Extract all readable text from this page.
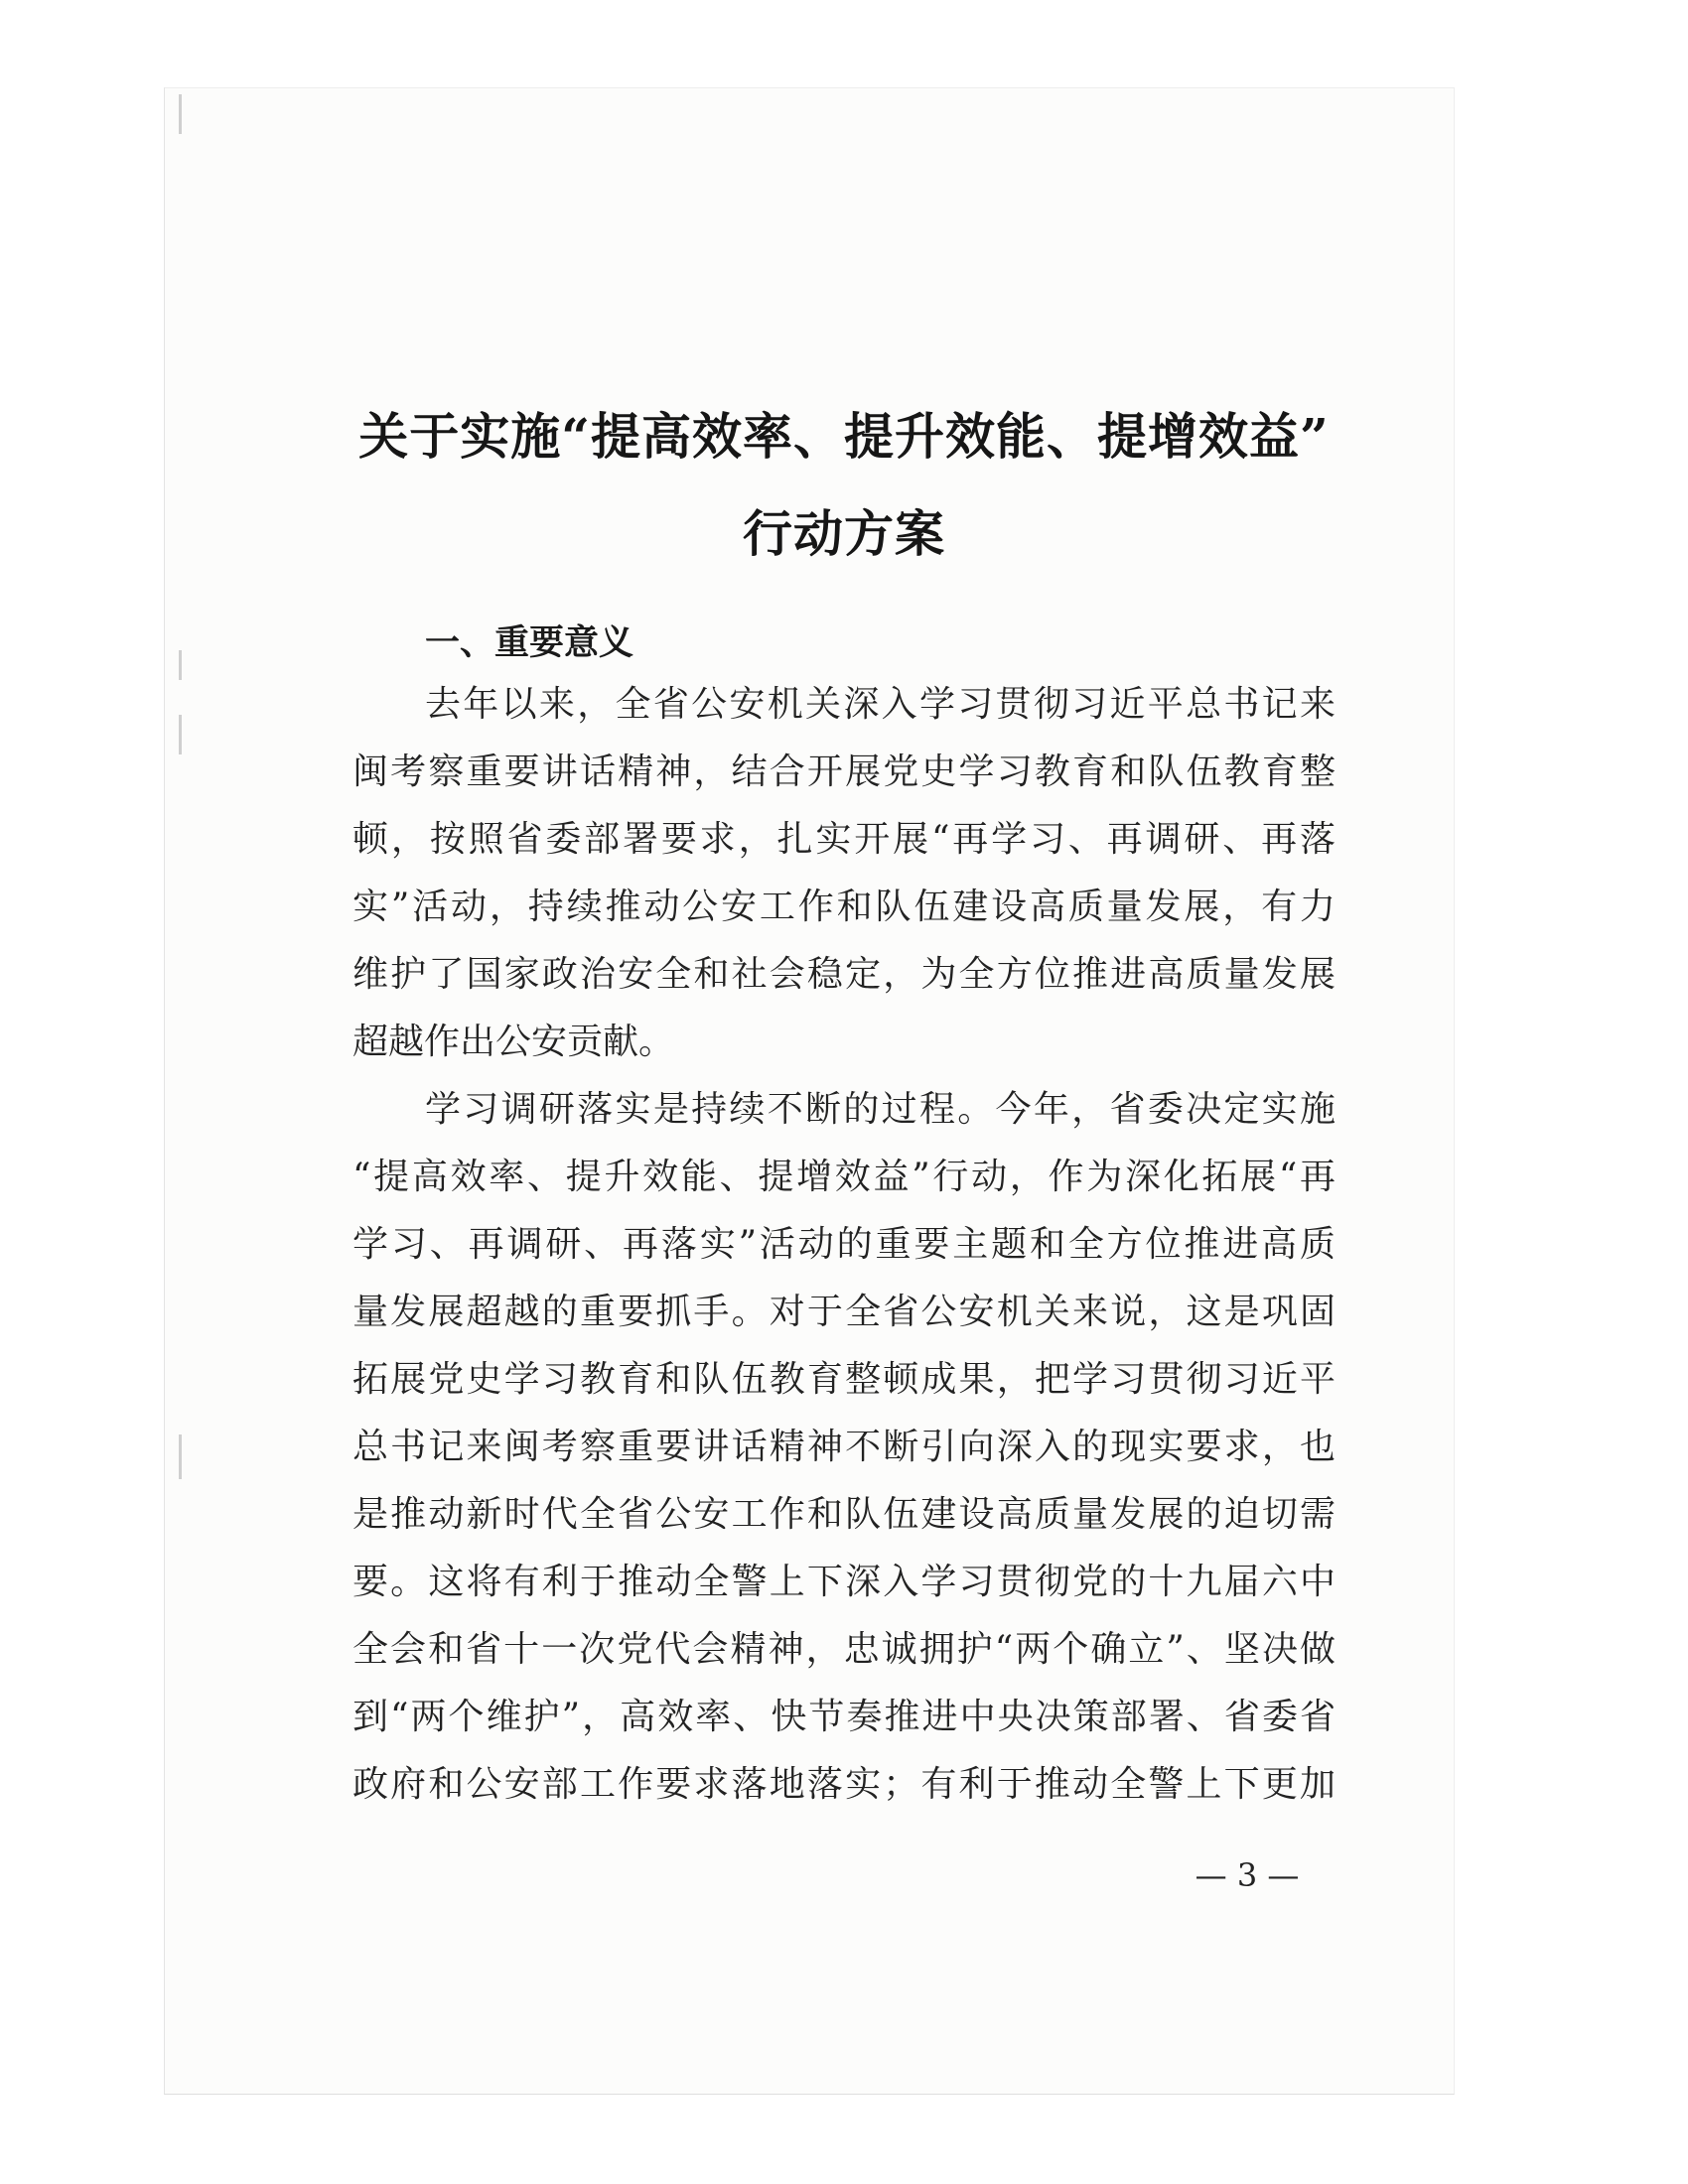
关于实施“提高效率、提升效能、提增效益”
行动方案
一、重要意义
去年以来，全省公安机关深入学习贯彻习近平总书记来
闽考察重要讲话精神，结合开展党史学习教育和队伍教育整
顿，按照省委部署要求，扎实开展“再学习、再调研、再落
实”活动，持续推动公安工作和队伍建设高质量发展，有力
维护了国家政治安全和社会稳定，为全方位推进高质量发展
超越作出公安贡献。
学习调研落实是持续不断的过程。今年，省委决定实施
“提高效率、提升效能、提增效益”行动，作为深化拓展“再
学习、再调研、再落实”活动的重要主题和全方位推进高质
量发展超越的重要抓手。对于全省公安机关来说，这是巩固
拓展党史学习教育和队伍教育整顿成果，把学习贯彻习近平
总书记来闽考察重要讲话精神不断引向深入的现实要求，也
是推动新时代全省公安工作和队伍建设高质量发展的迫切需
要。这将有利于推动全警上下深入学习贯彻党的十九届六中
全会和省十一次党代会精神，忠诚拥护“两个确立”、坚决做
到“两个维护”，高效率、快节奏推进中央决策部署、省委省
政府和公安部工作要求落地落实；有利于推动全警上下更加
— 3 —
